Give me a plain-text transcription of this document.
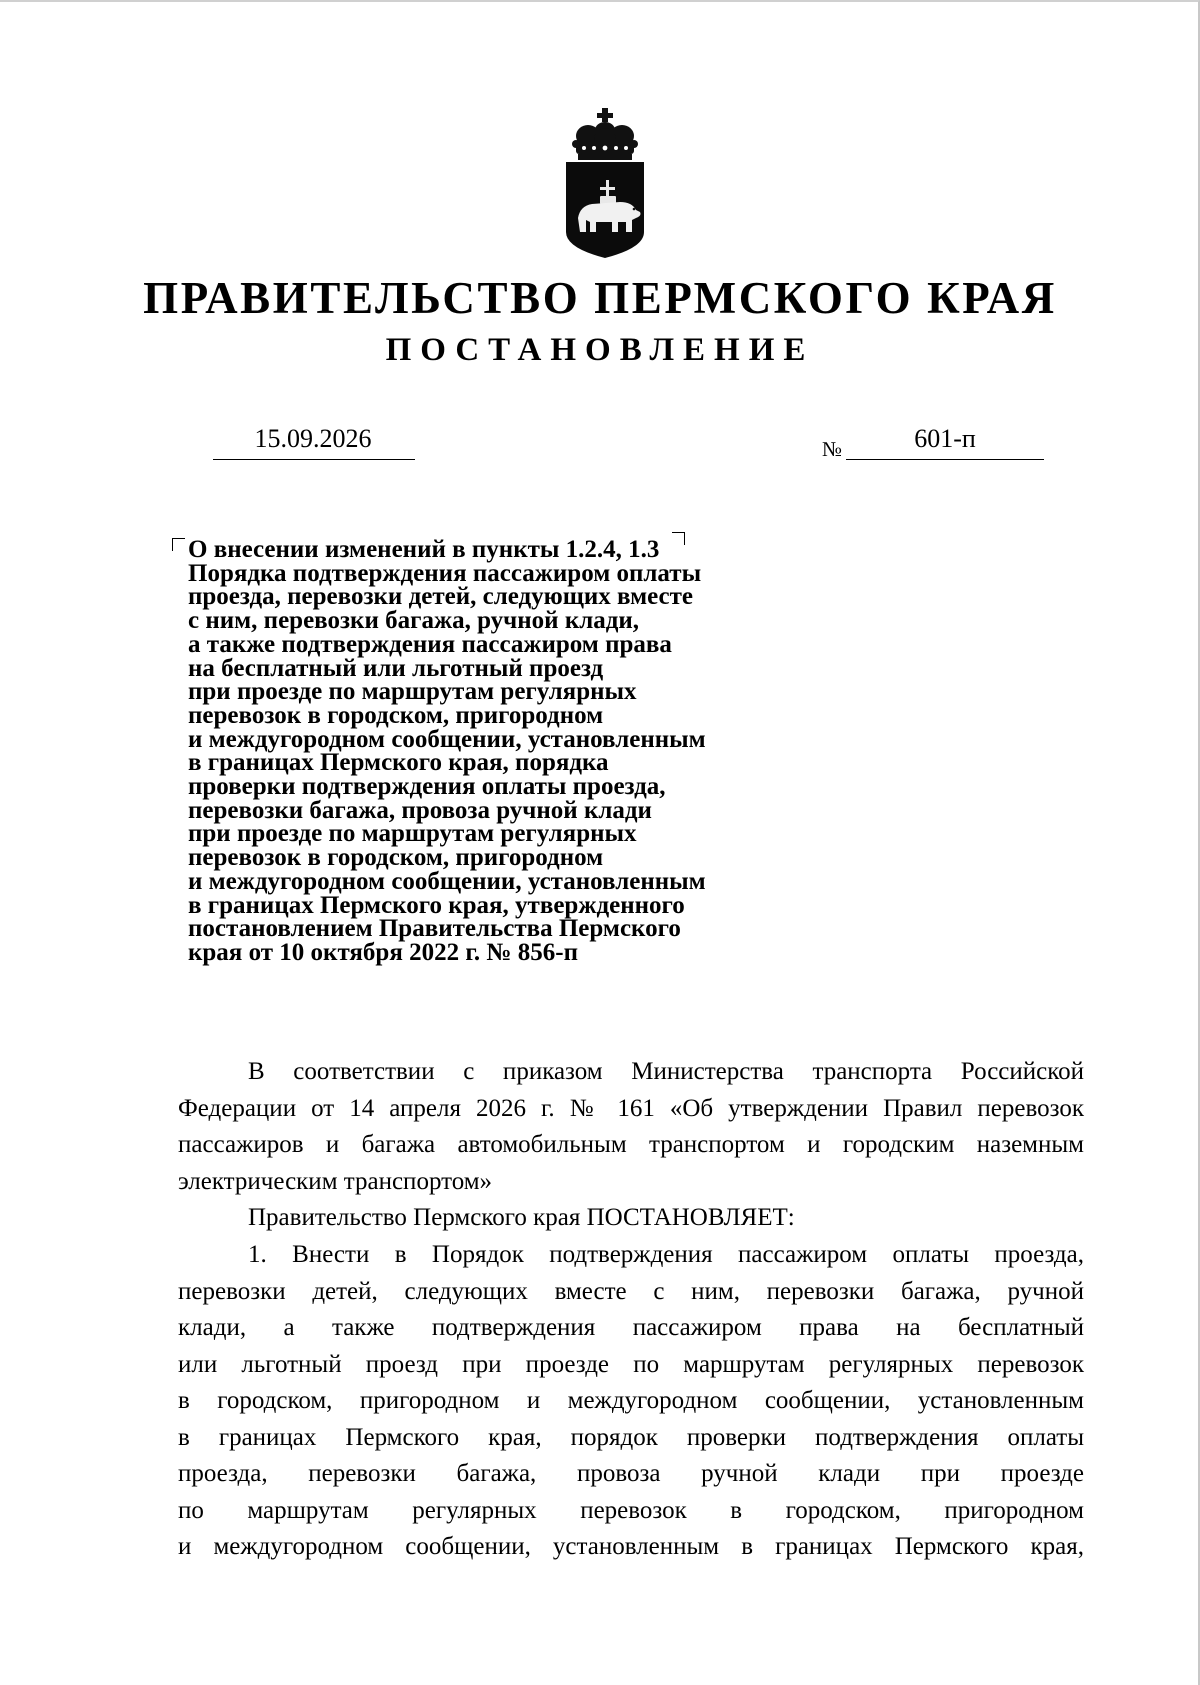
ПРАВИТЕЛЬСТВО ПЕРМСКОГО КРАЯ
ПОСТАНОВЛЕНИЕ
15.09.2026	№	601-п
О внесении изменений в пункты 1.2.4, 1.3
Порядка подтверждения пассажиром оплаты
проезда, перевозки детей, следующих вместе
с ним, перевозки багажа, ручной клади,
а также подтверждения пассажиром права
на бесплатный или льготный проезд
при проезде по маршрутам регулярных
перевозок в городском, пригородном
и междугородном сообщении, установленным
в границах Пермского края, порядка
проверки подтверждения оплаты проезда,
перевозки багажа, провоза ручной клади
при проезде по маршрутам регулярных
перевозок в городском, пригородном
и междугородном сообщении, установленным
в границах Пермского края, утвержденного
постановлением Правительства Пермского
края от 10 октября 2022 г. № 856-п
В соответствии с приказом Министерства транспорта Российской
Федерации от 14 апреля 2026 г. № 161 «Об утверждении Правил перевозок
пассажиров и багажа автомобильным транспортом и городским наземным
электрическим транспортом»
Правительство Пермского края ПОСТАНОВЛЯЕТ:
1. Внести в Порядок подтверждения пассажиром оплаты проезда,
перевозки детей, следующих вместе с ним, перевозки багажа, ручной
клади, а также подтверждения пассажиром права на бесплатный
или льготный проезд при проезде по маршрутам регулярных перевозок
в городском, пригородном и междугородном сообщении, установленным
в границах Пермского края, порядок проверки подтверждения оплаты
проезда, перевозки багажа, провоза ручной клади при проезде
по маршрутам регулярных перевозок в городском, пригородном
и междугородном сообщении, установленным в границах Пермского края,
